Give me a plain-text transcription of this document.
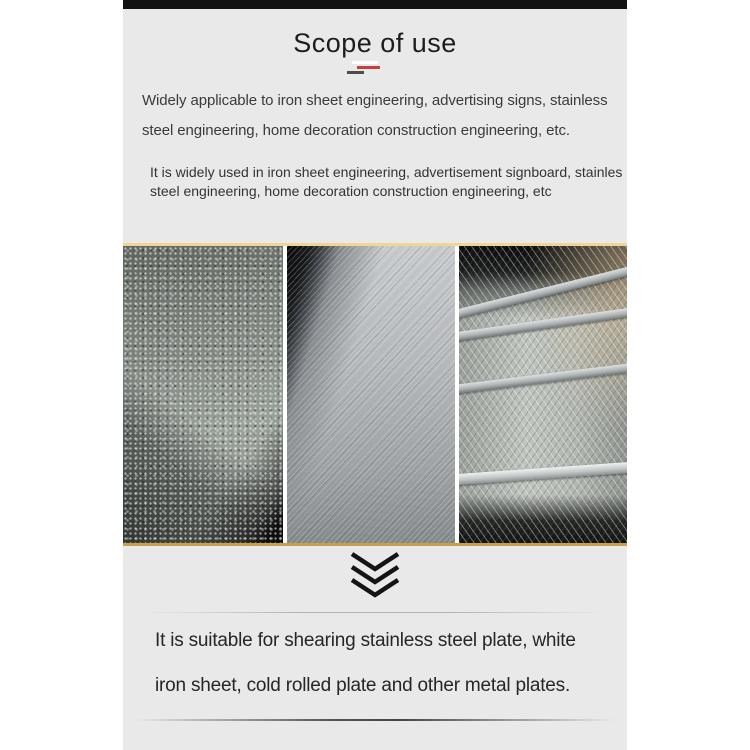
Scope of use
Widely applicable to iron sheet engineering, advertising signs, stainless
steel engineering, home decoration construction engineering, etc.
It is widely used in iron sheet engineering, advertisement signboard, stainles
steel engineering, home decoration construction engineering, etc
It is suitable for shearing stainless steel plate, white
iron sheet, cold rolled plate and other metal plates.
